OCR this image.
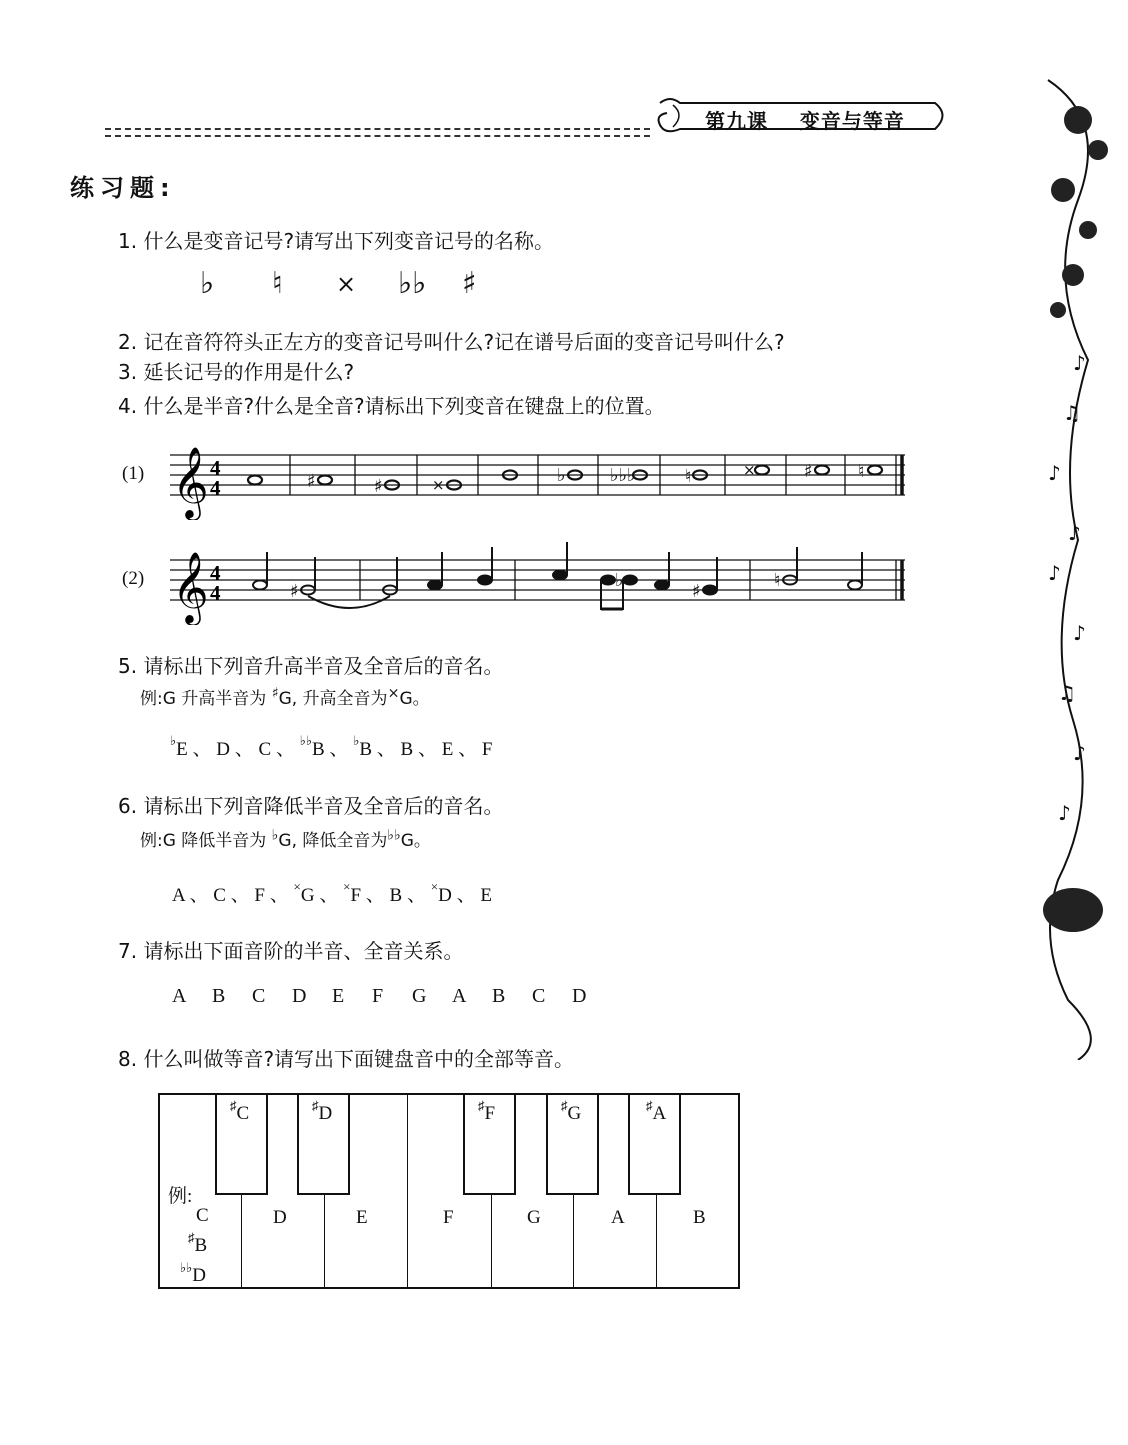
第九课    变音与等音
♪
♫
♪
♪
♪
♪
♫
♪
♪
练习题:
1. 什么是变音记号?请写出下列变音记号的名称。
♭ ♮ × ♭♭ ♯
2. 记在音符符头正左方的变音记号叫什么?记在谱号后面的变音记号叫什么?
3. 延长记号的作用是什么?
4. 什么是半音?什么是全音?请标出下列变音在键盘上的位置。
(1) 𝄞 4
4	♯	♯	×	♭ ♭♭♭	♮	×	♯	♮
(2) 𝄞 4
4	♯
♭
♯
♮
5. 请标出下列音升高半音及全音后的音名。
例:G 升高半音为 ♯G, 升高全音为×G。
♭E 、 D 、 C 、 ♭♭B 、 ♭B 、 B 、 E 、 F
6. 请标出下列音降低半音及全音后的音名。
例:G 降低半音为 ♭G, 降低全音为♭♭G。
A 、 C 、 F 、 ×G 、 ×F 、 B 、 ×D 、 E
7. 请标出下面音阶的半音、全音关系。
A B C D E F G A B C D
8. 什么叫做等音?请写出下面键盘音中的全部等音。
♯C	♯D	♯F	♯G	♯A
例:
C
♯B
♭♭D
D	E	F	G	A	B
